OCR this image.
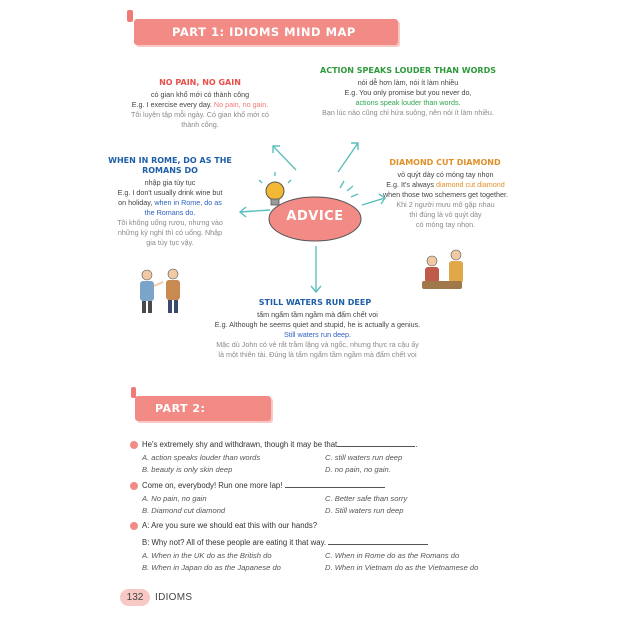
PART 1: IDIOMS MIND MAP
NO PAIN, NO GAIN
có gian khổ mới có thành công
E.g. I exercise every day. No pain, no gain.
Tôi luyện tập mỗi ngày. Có gian khổ mới có
thành công.
ACTION SPEAKS LOUDER THAN WORDS
nói dễ hơn làm, nói ít làm nhiều
E.g. You only promise but you never do,
actions speak louder than words.
Bạn lúc nào cũng chỉ hứa suông, nên nói ít làm nhiều.
WHEN IN ROME, DO AS THE
ROMANS DO
nhập gia tùy tục
E.g. I don't usually drink wine but
on holiday, when in Rome, do as
the Romans do.
Tôi không uống rượu, nhưng vào
những kỳ nghỉ thì có uống. Nhập
gia tùy tục vậy.
DIAMOND CUT DIAMOND
vỏ quýt dày có móng tay nhọn
E.g. It's always diamond cut diamond
when those two schemers get together.
Khi 2 người mưu mô gặp nhau
thì đúng là vỏ quýt dày
có móng tay nhọn.
ADVICE
STILL WATERS RUN DEEP
tẩm ngẩm tầm ngầm mà đấm chết voi
E.g. Although he seems quiet and stupid, he is actually a genius.
Still waters run deep.
Mặc dù John có vẻ rất trầm lặng và ngốc, nhưng thực ra cậu ấy
là một thiên tài. Đúng là tẩm ngẩm tầm ngầm mà đấm chết voi
PART 2: EXERCISE
He's extremely shy and withdrawn, though it may be that	.
A. action speaks louder than words	C. still waters run deep
B. beauty is only skin deep	D. no pain, no gain.
Come on, everybody! Run one more lap!
A. No pain, no gain	C. Better safe than sorry
B. Diamond cut diamond	D. Still waters run deep
A: Are you sure we should eat this with our hands?
B: Why not? All of these people are eating it that way.
A. When in the UK do as the British do	C. When in Rome do as the Romans do
B. When in Japan do as the Japanese do	D. When in Vietnam do as the Vietnamese do
132	IDIOMS
